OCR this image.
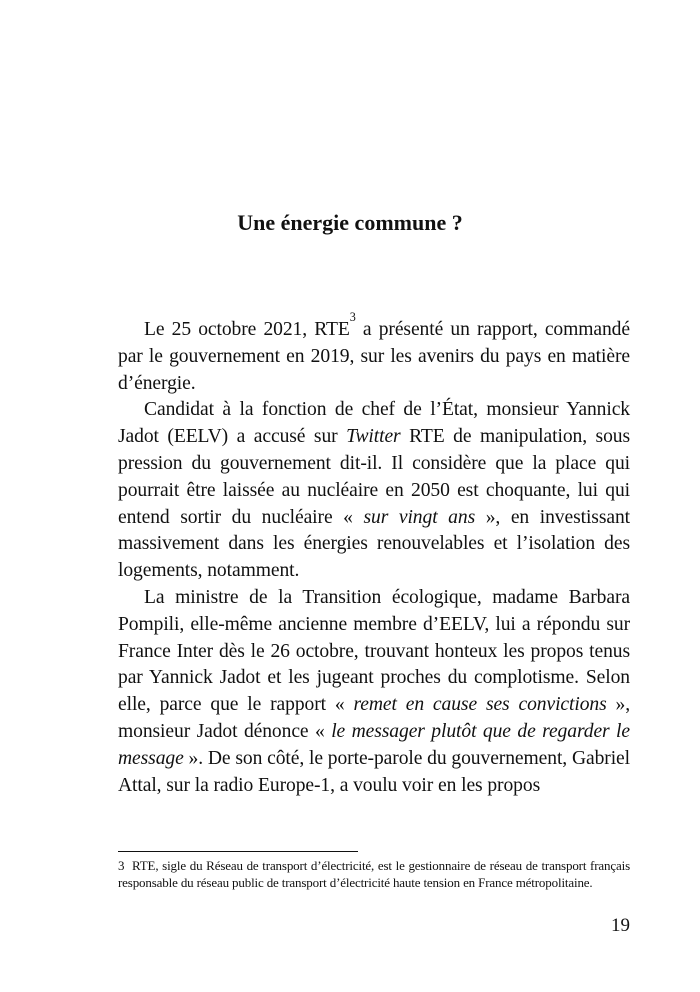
Une énergie commune ?

Le 25 octobre 2021, RTE$^3$ a présenté un rapport, commandé par le gouvernement en 2019, sur les avenirs du pays en matière d’énergie.

Candidat à la fonction de chef de l’État, monsieur Yannick Jadot (EELV) a accusé sur Twitter RTE de manipulation, sous pression du gouvernement dit-il. Il considère que la place qui pourrait être laissée au nucléaire en 2050 est choquante, lui qui entend sortir du nucléaire « sur vingt ans », en investissant massivement dans les énergies renouvelables et l’isolation des logements, notamment.

La ministre de la Transition écologique, madame Barbara Pompili, elle-même ancienne membre d’EELV, lui a répondu sur France Inter dès le 26 octobre, trouvant honteux les propos tenus par Yannick Jadot et les jugeant proches du complotisme. Selon elle, parce que le rapport « remet en cause ses convictions », monsieur Jadot dénonce « le messager plutôt que de regarder le message ». De son côté, le porte-parole du gouvernement, Gabriel Attal, sur la radio Europe-1, a voulu voir en les propos

3 RTE, sigle du Réseau de transport d’électricité, est le gestionnaire de réseau de transport français responsable du réseau public de transport d’électricité haute tension en France métropolitaine.
19
